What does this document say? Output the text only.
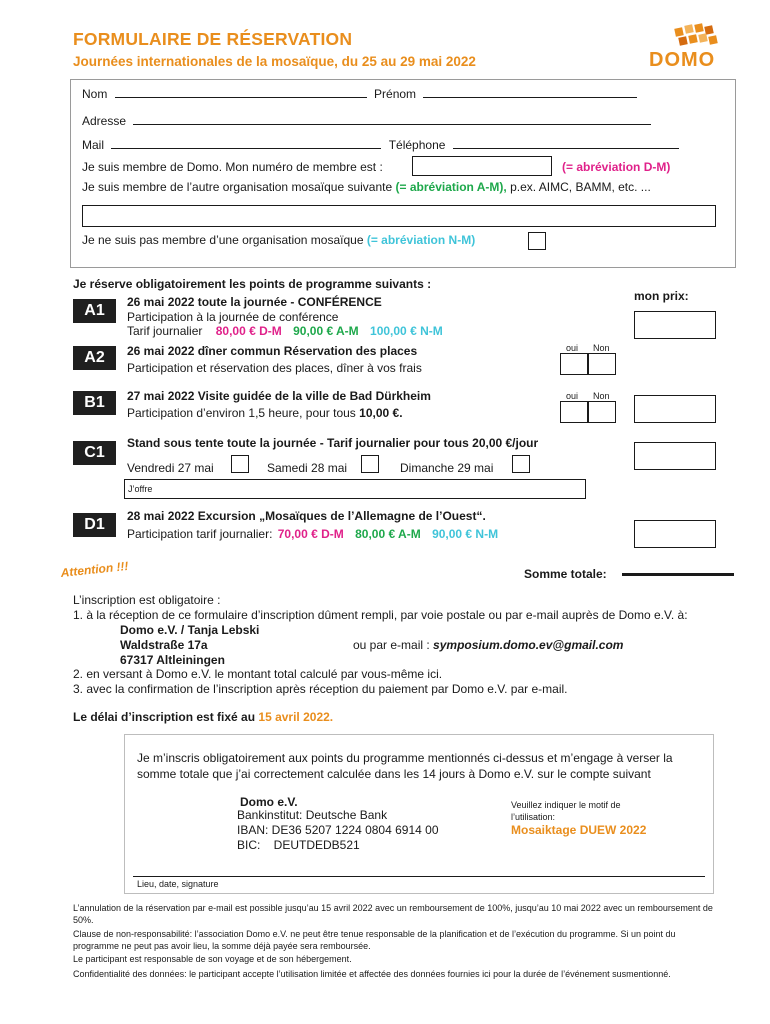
FORMULAIRE DE RÉSERVATION
Journées internationales de la mosaïque, du 25 au 29 mai 2022	DOMO
Nom	Prénom
Adresse
Mail	Téléphone
Je suis membre de Domo. Mon numéro de membre est :	(= abréviation D-M)
Je suis membre de l’autre organisation mosaïque suivante (= abréviation A-M), p.ex. AIMC, BAMM, etc. ...
Je ne suis pas membre d’une organisation mosaïque (= abréviation N-M)
Je réserve obligatoirement les points de programme suivants :
mon prix:
A1	26 mai 2022 toute la journée - CONFÉRENCE
Participation à la journée de conférence
Tarif journalier 80,00 € D-M 90,00 € A-M 100,00 € N-M
A2	26 mai 2022 dîner commun Réservation des places
Participation et réservation des places, dîner à vos frais
oui Non
B1	27 mai 2022 Visite guidée de la ville de Bad Dürkheim
Participation d’environ 1,5 heure, pour tous 10,00 €.
oui Non
C1
Stand sous tente toute la journée - Tarif journalier pour tous 20,00 €/jour
Vendredi 27 mai	Samedi 28 mai	Dimanche 29 mai
J’offre
D1	28 mai 2022 Excursion „Mosaïques de l’Allemagne de l’Ouest“.
Participation tarif journalier: 70,00 € D-M 80,00 € A-M 90,00 € N-M
Attention !!!	Somme totale:
L’inscription est obligatoire :
1. à la réception de ce formulaire d’inscription dûment rempli, par voie postale ou par e-mail auprès de Domo e.V. à:
Domo e.V. / Tanja Lebski
Waldstraße 17a
67317 Altleiningen
ou par e-mail : symposium.domo.ev@gmail.com
2. en versant à Domo e.V. le montant total calculé par vous-même ici.
3. avec la confirmation de l’inscription après réception du paiement par Domo e.V. par e-mail.
Le délai d’inscription est fixé au 15 avril 2022.
Je m’inscris obligatoirement aux points du programme mentionnés ci-dessus et m’engage à verser la somme totale que j’ai correctement calculée dans les 14 jours à Domo e.V. sur le compte suivant
Domo e.V.
Bankinstitut: Deutsche Bank
IBAN: DE36 5207 1224 0804 6914 00
BIC:    DEUTDEDB521
Veuillez indiquer le motif de l’utilisation:
Mosaiktage DUEW 2022
Lieu, date, signature
L’annulation de la réservation par e-mail est possible jusqu’au 15 avril 2022 avec un remboursement de 100%, jusqu’au 10 mai 2022 avec un remboursement de 50%.
Clause de non-responsabilité: l’association Domo e.V. ne peut être tenue responsable de la planification et de l’exécution du programme. Si un point du programme ne peut pas avoir lieu, la somme déjà payée sera remboursée.
Le participant est responsable de son voyage et de son hébergement.
Confidentialité des données: le participant accepte l’utilisation limitée et affectée des données fournies ici pour la durée de l’événement susmentionné.
